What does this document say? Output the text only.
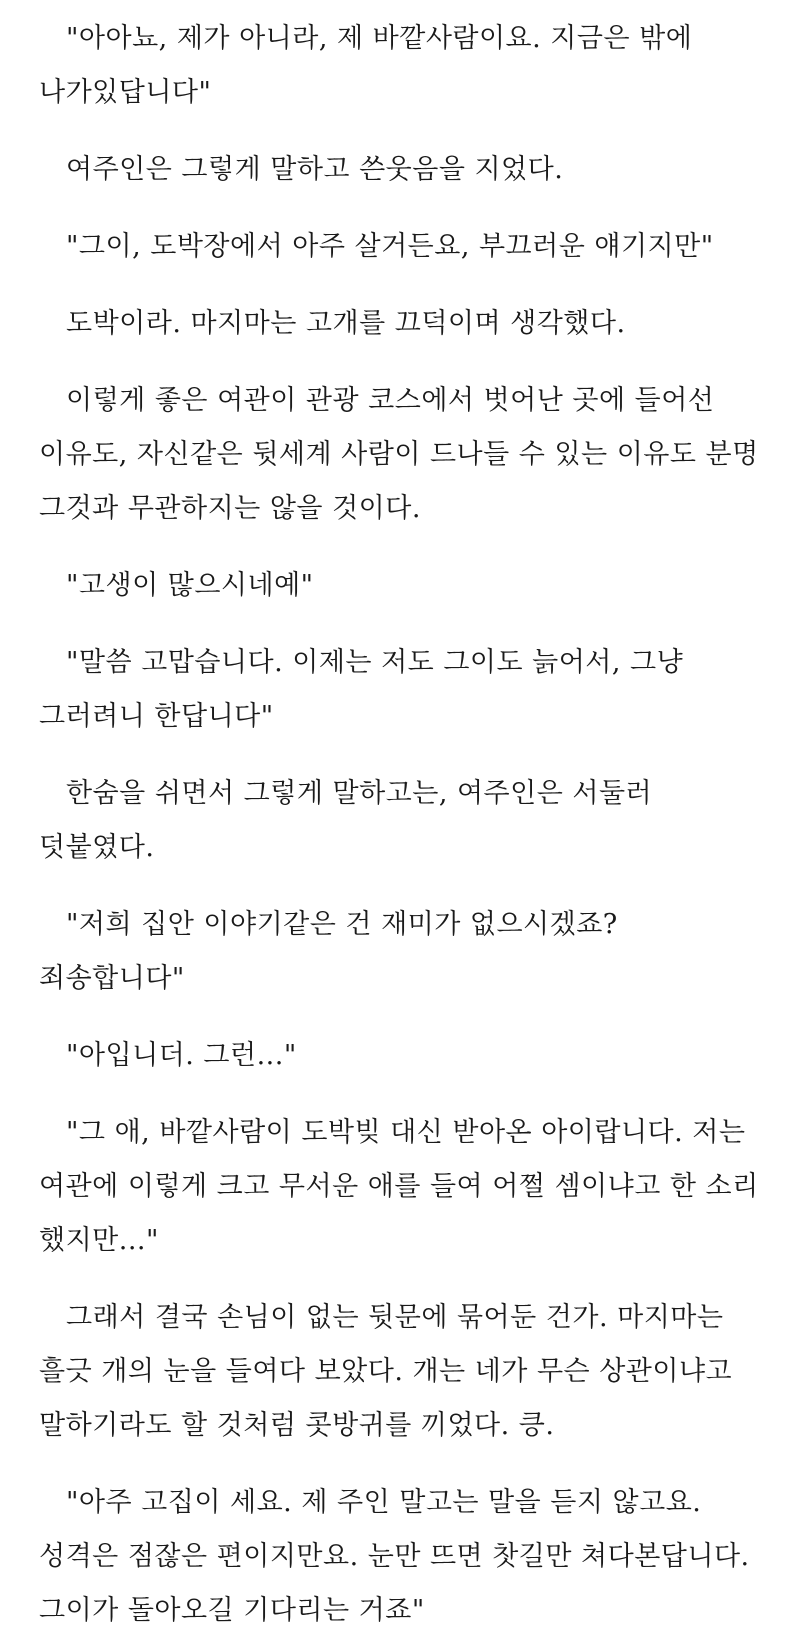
"아아뇨, 제가 아니라, 제 바깥사람이요. 지금은 밖에 나가있답니다"

여주인은 그렇게 말하고 쓴웃음을 지었다.

"그이, 도박장에서 아주 살거든요, 부끄러운 얘기지만"

도박이라. 마지마는 고개를 끄덕이며 생각했다.

이렇게 좋은 여관이 관광 코스에서 벗어난 곳에 들어선 이유도, 자신같은 뒷세계 사람이 드나들 수 있는 이유도 분명 그것과 무관하지는 않을 것이다.

"고생이 많으시네예"

"말씀 고맙습니다. 이제는 저도 그이도 늙어서, 그냥 그러려니 한답니다"

한숨을 쉬면서 그렇게 말하고는, 여주인은 서둘러 덧붙였다.

"저희 집안 이야기같은 건 재미가 없으시겠죠? 죄송합니다"

"아입니더. 그런..."

"그 애, 바깥사람이 도박빚 대신 받아온 아이랍니다. 저는 여관에 이렇게 크고 무서운 애를 들여 어쩔 셈이냐고 한 소리 했지만..."

그래서 결국 손님이 없는 뒷문에 묶어둔 건가. 마지마는 흘긋 개의 눈을 들여다 보았다. 개는 네가 무슨 상관이냐고 말하기라도 할 것처럼 콧방귀를 끼었다. 킁.

"아주 고집이 세요. 제 주인 말고는 말을 듣지 않고요. 성격은 점잖은 편이지만요. 눈만 뜨면 찻길만 쳐다본답니다. 그이가 돌아오길 기다리는 거죠"
